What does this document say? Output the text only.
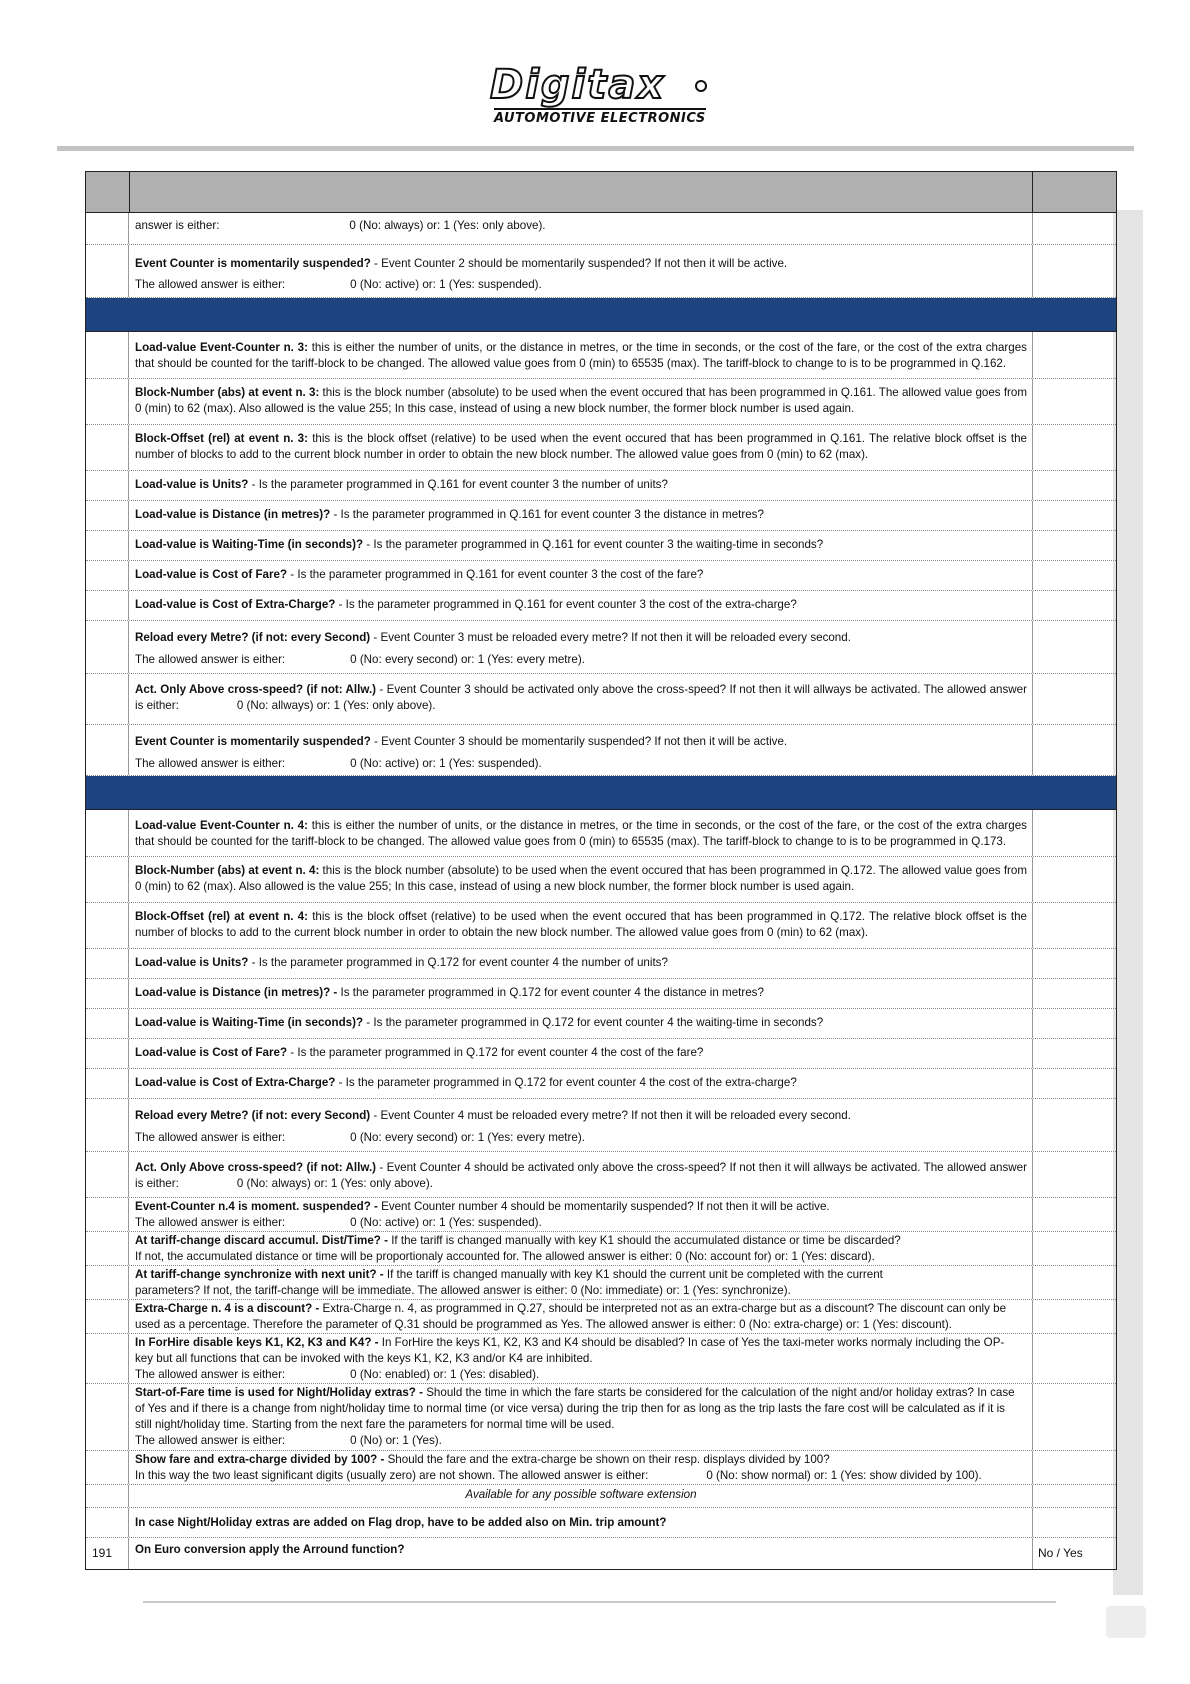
Digitax
AUTOMOTIVE ELECTRONICS
answer is either:	0 (No: always) or: 1 (Yes: only above).
Event Counter is momentarily suspended? - Event Counter 2 should be momentarily suspended? If not then it will be active.
The allowed answer is either:	0 (No: active) or: 1 (Yes: suspended).
Load-value Event-Counter n. 3: this is either the number of units, or the distance in metres, or the time in seconds, or the cost of the fare, or the cost of the extra charges that should be counted for the tariff-block to be changed. The allowed value goes from 0 (min) to 65535 (max). The tariff-block to change to is to be programmed in Q.162.
Block-Number (abs) at event n. 3: this is the block number (absolute) to be used when the event occured that has been programmed in Q.161. The allowed value goes from 0 (min) to 62 (max). Also allowed is the value 255; In this case, instead of using a new block number, the former block number is used again.
Block-Offset (rel) at event n. 3: this is the block offset (relative) to be used when the event occured that has been programmed in Q.161. The relative block offset is the number of blocks to add to the current block number in order to obtain the new block number. The allowed value goes from 0 (min) to 62 (max).
Load-value is Units? - Is the parameter programmed in Q.161 for event counter 3 the number of units?
Load-value is Distance (in metres)? - Is the parameter programmed in Q.161 for event counter 3 the distance in metres?
Load-value is Waiting-Time (in seconds)? - Is the parameter programmed in Q.161 for event counter 3 the waiting-time in seconds?
Load-value is Cost of Fare? - Is the parameter programmed in Q.161 for event counter 3 the cost of the fare?
Load-value is Cost of Extra-Charge? - Is the parameter programmed in Q.161 for event counter 3 the cost of the extra-charge?
Reload every Metre? (if not: every Second) - Event Counter 3 must be reloaded every metre? If not then it will be reloaded every second.
The allowed answer is either:	0 (No: every second) or: 1 (Yes: every metre).
Act. Only Above cross-speed? (if not: Allw.) - Event Counter 3 should be activated only above the cross-speed? If not then it will allways be activated. The allowed answer is either:	0 (No: allways) or: 1 (Yes: only above).
Event Counter is momentarily suspended? - Event Counter 3 should be momentarily suspended? If not then it will be active.
The allowed answer is either:	0 (No: active) or: 1 (Yes: suspended).
Load-value Event-Counter n. 4: this is either the number of units, or the distance in metres, or the time in seconds, or the cost of the fare, or the cost of the extra charges that should be counted for the tariff-block to be changed. The allowed value goes from 0 (min) to 65535 (max). The tariff-block to change to is to be programmed in Q.173.
Block-Number (abs) at event n. 4: this is the block number (absolute) to be used when the event occured that has been programmed in Q.172. The allowed value goes from 0 (min) to 62 (max). Also allowed is the value 255; In this case, instead of using a new block number, the former block number is used again.
Block-Offset (rel) at event n. 4: this is the block offset (relative) to be used when the event occured that has been programmed in Q.172. The relative block offset is the number of blocks to add to the current block number in order to obtain the new block number. The allowed value goes from 0 (min) to 62 (max).
Load-value is Units? - Is the parameter programmed in Q.172 for event counter 4 the number of units?
Load-value is Distance (in metres)? - Is the parameter programmed in Q.172 for event counter 4 the distance in metres?
Load-value is Waiting-Time (in seconds)? - Is the parameter programmed in Q.172 for event counter 4 the waiting-time in seconds?
Load-value is Cost of Fare? - Is the parameter programmed in Q.172 for event counter 4 the cost of the fare?
Load-value is Cost of Extra-Charge? - Is the parameter programmed in Q.172 for event counter 4 the cost of the extra-charge?
Reload every Metre? (if not: every Second) - Event Counter 4 must be reloaded every metre? If not then it will be reloaded every second.
The allowed answer is either:	0 (No: every second) or: 1 (Yes: every metre).
Act. Only Above cross-speed? (if not: Allw.) - Event Counter 4 should be activated only above the cross-speed? If not then it will allways be activated. The allowed answer is either:	0 (No: always) or: 1 (Yes: only above).
Event-Counter n.4 is moment. suspended? - Event Counter number 4 should be momentarily suspended? If not then it will be active.
The allowed answer is either:	0 (No: active) or: 1 (Yes: suspended).
At tariff-change discard accumul. Dist/Time? - If the tariff is changed manually with key K1 should the accumulated distance or time be discarded?
If not, the accumulated distance or time will be proportionaly accounted for. The allowed answer is either: 0 (No: account for) or: 1 (Yes: discard).
At tariff-change synchronize with next unit? - If the tariff is changed manually with key K1 should the current unit be completed with the current
parameters? If not, the tariff-change will be immediate. The allowed answer is either: 0 (No: immediate) or: 1 (Yes: synchronize).
Extra-Charge n. 4 is a discount? - Extra-Charge n. 4, as programmed in Q.27, should be interpreted not as an extra-charge but as a discount? The discount can only be
used as a percentage. Therefore the parameter of Q.31 should be programmed as Yes. The allowed answer is either: 0 (No: extra-charge) or: 1 (Yes: discount).
In ForHire disable keys K1, K2, K3 and K4? - In ForHire the keys K1, K2, K3 and K4 should be disabled? In case of Yes the taxi-meter works normaly including the OP-
key but all functions that can be invoked with the keys K1, K2, K3 and/or K4 are inhibited.
The allowed answer is either:	0 (No: enabled) or: 1 (Yes: disabled).
Start-of-Fare time is used for Night/Holiday extras? - Should the time in which the fare starts be considered for the calculation of the night and/or holiday extras? In case
of Yes and if there is a change from night/holiday time to normal time (or vice versa) during the trip then for as long as the trip lasts the fare cost will be calculated as if it is
still night/holiday time. Starting from the next fare the parameters for normal time will be used.
The allowed answer is either:	0 (No) or: 1 (Yes).
Show fare and extra-charge divided by 100? - Should the fare and the extra-charge be shown on their resp. displays divided by 100?
In this way the two least significant digits (usually zero) are not shown. The allowed answer is either:	0 (No: show normal) or: 1 (Yes: show divided by 100).
Available for any possible software extension
In case Night/Holiday extras are added on Flag drop, have to be added also on Min. trip amount?
191	On Euro conversion apply the Arround function?	No / Yes
